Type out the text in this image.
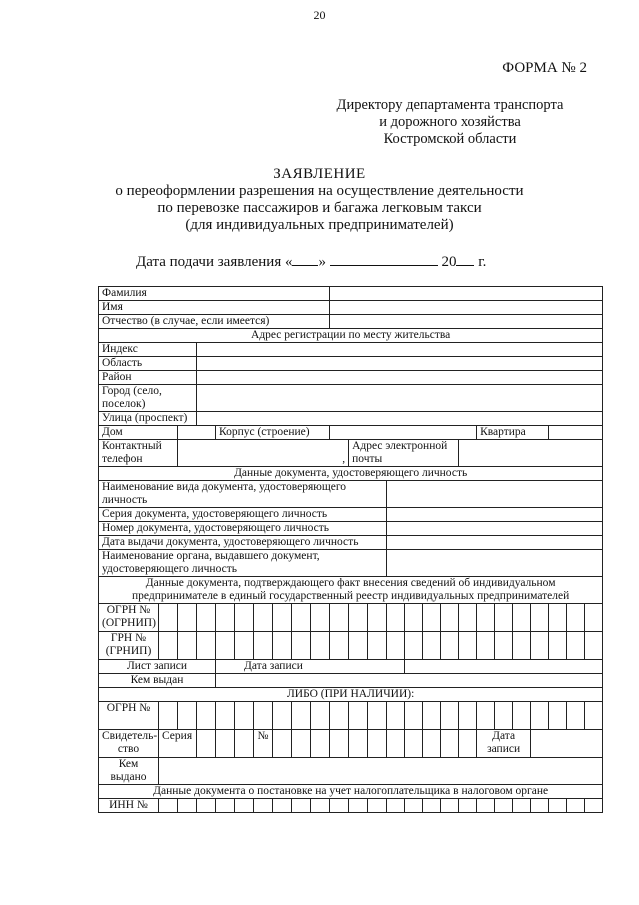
20
ФОРМА № 2
Директору департамента транспорта
и дорожного хозяйства
Костромской области
ЗАЯВЛЕНИЕ
о переоформлении разрешения на осуществление деятельности
по перевозке пассажиров и багажа легковым такси
(для индивидуальных предпринимателей)
Дата подачи заявления « »	20 г.
Фамилия																								
Имя																								
Отчество (в случае, если имеется)																								
Адрес регистрации по месту жительства																								
Индекс																								
Область																								
Район																								
Город (село, поселок)																								
Улица (проспект)																								
Дом				Корпус (строение)														Квартира						
Контактный телефон		,									Адрес электронной почты													
Данные документа, удостоверяющего личность																								
Наименование вида документа, удостоверяющего личность																								
Серия документа, удостоверяющего личность																								
Номер документа, удостоверяющего личность																								
Дата выдачи документа, удостоверяющего личность																								
Наименование органа, выдавшего документ, удостоверяющего личность																								
Данные документа, подтверждающего факт внесения сведений об индивидуальном предпринимателе в единый государственный реестр индивидуальных предпринимателей																								
ОГРН № (ОГРНИП)																								
ГРН № (ГРНИП)																								
Лист записи				Дата записи																				
Кем выдан																								
ЛИБО (ПРИ НАЛИЧИИ):																								
ОГРН №																								
Свидетель-ство	Серия					№												Дата записи						
Кем выдано																								
Данные документа о постановке на учет налогоплательщика в налоговом органе																								
ИНН №																								
